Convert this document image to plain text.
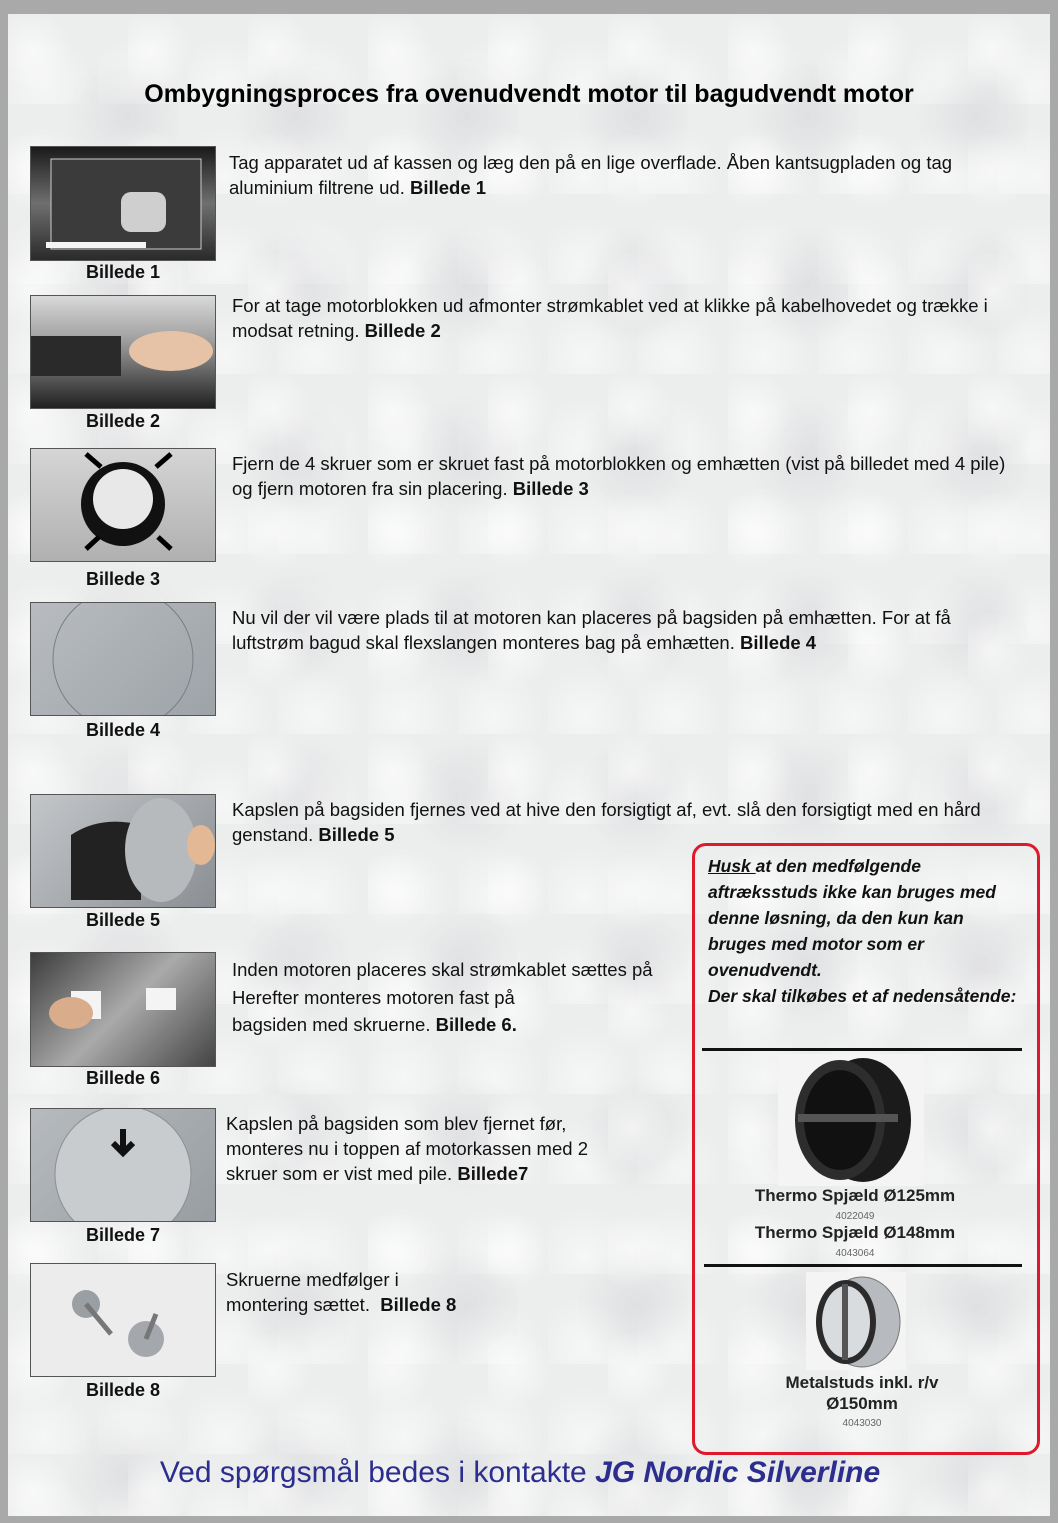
Ombygningsproces fra ovenudvendt motor til bagudvendt motor
Billede 1
Tag apparatet ud af kassen og læg den på en lige overflade. Åben kantsugpladen og tag aluminium filtrene ud. Billede 1
Billede 2
For at tage motorblokken ud afmonter strømkablet ved at klikke på kabelhovedet og trække i modsat retning. Billede 2
Billede 3
Fjern de 4 skruer som er skruet fast på motorblokken og emhætten (vist på billedet med 4 pile) og fjern motoren fra sin placering. Billede 3
Billede 4
Nu vil der vil være plads til at motoren kan placeres på bagsiden på emhætten. For at få luftstrøm bagud skal flexslangen monteres bag på emhætten. Billede 4
Billede 5
Kapslen på bagsiden fjernes ved at hive den forsigtigt af, evt. slå den forsigtigt med en hård genstand. Billede 5
Billede 6
Inden motoren placeres skal strømkablet sættes på
Herefter monteres motoren fast på
bagsiden med skruerne. Billede 6.
Billede 7
Kapslen på bagsiden som blev fjernet før,
monteres nu i toppen af motorkassen med 2
skruer som er vist med pile. Billede7
Billede 8
Skruerne medfølger i
montering sættet. Billede 8
Husk at den medfølgende aftræksstuds ikke kan bruges med denne løsning, da den kun kan bruges med motor som er ovenudvendt.
Der skal tilkøbes et af nedensåtende:
Thermo Spjæld Ø125mm
4022049
Thermo Spjæld Ø148mm
4043064
Metalstuds inkl. r/v
Ø150mm
4043030
Ved spørgsmål bedes i kontakte JG Nordic Silverline
